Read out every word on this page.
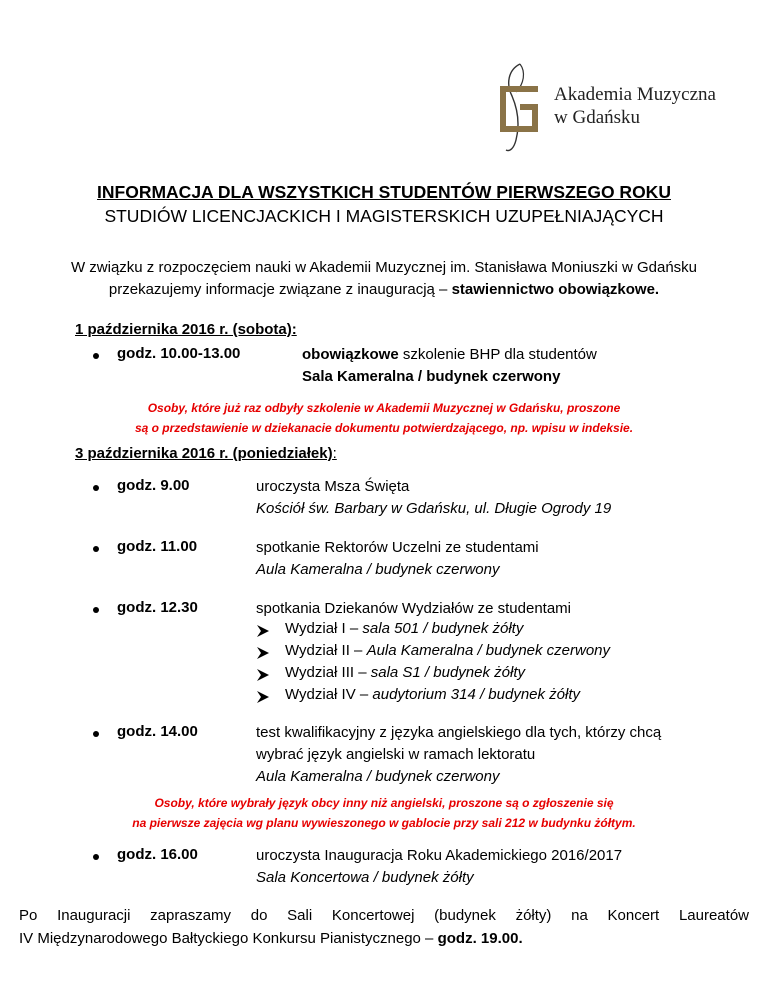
Akademia Muzyczna
w Gdańsku
INFORMACJA DLA WSZYSTKICH STUDENTÓW PIERWSZEGO ROKU
STUDIÓW LICENCJACKICH I MAGISTERSKICH UZUPEŁNIAJĄCYCH
W związku z rozpoczęciem nauki w Akademii Muzycznej im. Stanisława Moniuszki w Gdańsku
przekazujemy informacje związane z inauguracją – stawiennictwo obowiązkowe.
1 października 2016 r. (sobota):
godz. 10.00-13.00	obowiązkowe szkolenie BHP dla studentów
Sala Kameralna / budynek czerwony
Osoby, które już raz odbyły szkolenie w Akademii Muzycznej w Gdańsku, proszone
są o przedstawienie w dziekanacie dokumentu potwierdzającego, np. wpisu w indeksie.
3 października 2016 r. (poniedziałek):
godz. 9.00	uroczysta Msza Święta
Kościół św. Barbary w Gdańsku, ul. Długie Ogrody 19
godz. 11.00	spotkanie Rektorów Uczelni ze studentami
Aula Kameralna / budynek czerwony
godz. 12.30	spotkania Dziekanów Wydziałów ze studentami
Wydział I – sala 501 / budynek żółty
Wydział II – Aula Kameralna / budynek czerwony
Wydział III – sala S1 / budynek żółty
Wydział IV – audytorium 314 / budynek żółty
godz. 14.00	test kwalifikacyjny z języka angielskiego dla tych, którzy chcą
wybrać język angielski w ramach lektoratu
Aula Kameralna / budynek czerwony
Osoby, które wybrały język obcy inny niż angielski, proszone są o zgłoszenie się
na pierwsze zajęcia wg planu wywieszonego w gablocie przy sali 212 w budynku żółtym.
godz. 16.00	uroczysta Inauguracja Roku Akademickiego 2016/2017
Sala Koncertowa / budynek żółty
Po Inauguracji zapraszamy do Sali Koncertowej (budynek żółty) na Koncert Laureatów
IV Międzynarodowego Bałtyckiego Konkursu Pianistycznego – godz. 19.00.
